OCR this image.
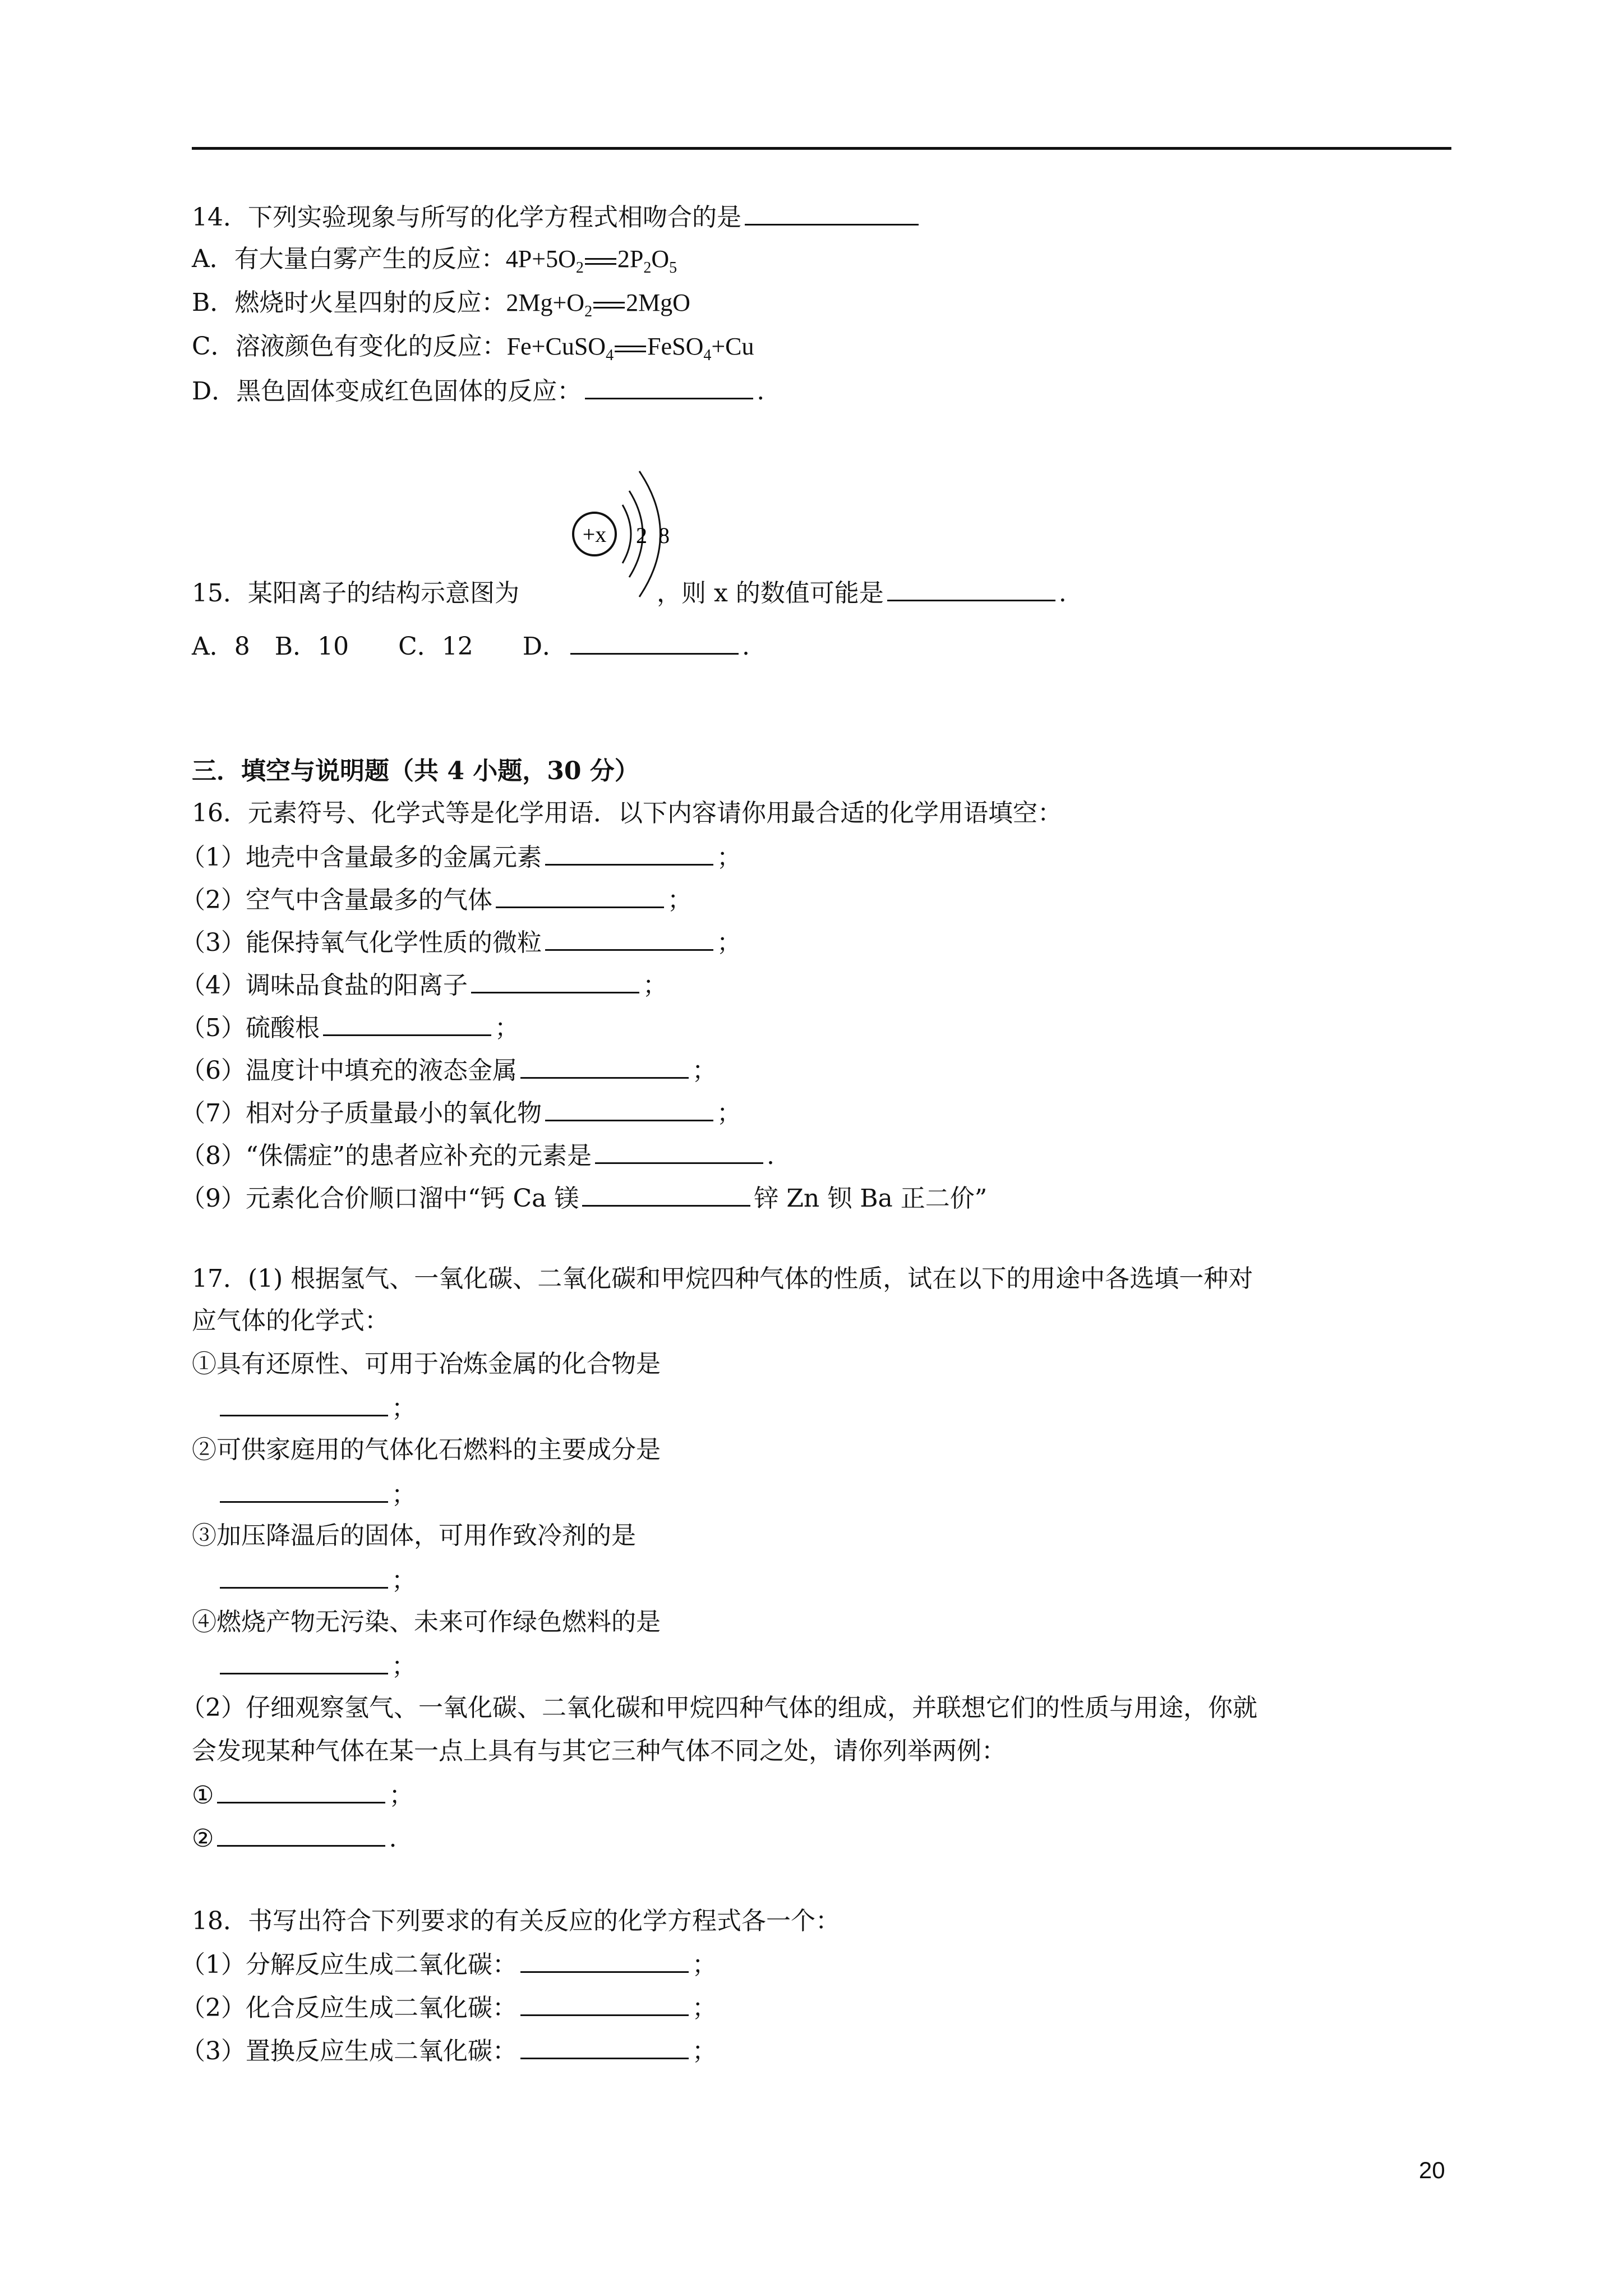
14．下列实验现象与所写的化学方程式相吻合的是
A．有大量白雾产生的反应：$4P+5O_2$ $2P_2O_5$
B．燃烧时火星四射的反应：$2Mg+O_2$ 2MgO
C．溶液颜色有变化的反应：Fe+CuSO$_4$ FeSO$_4$+Cu
D．黑色固体变成红色固体的反应：	.
+x 2 8
15．某阳离子的结构示意图为	，则 x 的数值可能是	.
A．8　B．10　　C．12　　D．	.
三．填空与说明题（共 4 小题，30 分）
16．元素符号、化学式等是化学用语．以下内容请你用最合适的化学用语填空：
（1）地壳中含量最多的金属元素	；
（2）空气中含量最多的气体	；
（3）能保持氧气化学性质的微粒	；
（4）调味品食盐的阳离子	；
（5）硫酸根	；
（6）温度计中填充的液态金属	；
（7）相对分子质量最小的氧化物	；
（8）“侏儒症”的患者应补充的元素是	.
（9）元素化合价顺口溜中“钙 Ca 镁	锌 Zn 钡 Ba 正二价”
17．(1) 根据氢气、一氧化碳、二氧化碳和甲烷四种气体的性质，试在以下的用途中各选填一种对
应气体的化学式：
①具有还原性、可用于冶炼金属的化合物是
；
②可供家庭用的气体化石燃料的主要成分是
；
③加压降温后的固体，可用作致冷剂的是
；
④燃烧产物无污染、未来可作绿色燃料的是
；
（2）仔细观察氢气、一氧化碳、二氧化碳和甲烷四种气体的组成，并联想它们的性质与用途，你就
会发现某种气体在某一点上具有与其它三种气体不同之处，请你列举两例：
①	；
②	.
18．书写出符合下列要求的有关反应的化学方程式各一个：
（1）分解反应生成二氧化碳：	；
（2）化合反应生成二氧化碳：	；
（3）置换反应生成二氧化碳：	；
20
